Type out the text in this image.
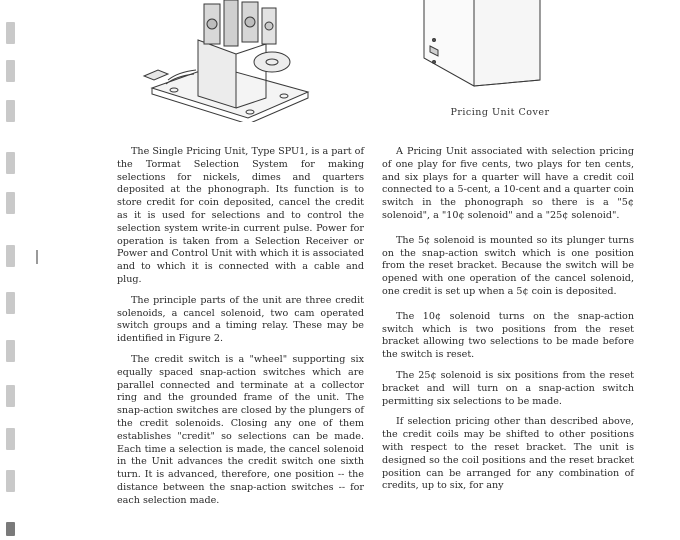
Pricing Unit Cover

The Single Pricing Unit, Type SPU1, is a part of the Tormat Selection System for making selections for nickels, dimes and quarters deposited at the phonograph. Its function is to store credit for coin deposited, cancel the credit as it is used for selections and to control the selection system write-in current pulse. Power for operation is taken from a Selection Receiver or Power and Control Unit with which it is associated and to which it is connected with a cable and plug.

The principle parts of the unit are three credit solenoids, a cancel solenoid, two cam operated switch groups and a timing relay. These may be identified in Figure 2.

The credit switch is a "wheel" supporting six equally spaced snap-action switches which are parallel connected and terminate at a collector ring and the grounded frame of the unit. The snap-action switches are closed by the plungers of the credit solenoids. Closing any one of them establishes "credit" so selections can be made. Each time a selection is made, the cancel solenoid in the Unit advances the credit switch one sixth turn. It is advanced, therefore, one position -- the distance between the snap-action switches -- for each selection made.

A Pricing Unit associated with selection pricing of one play for five cents, two plays for ten cents, and six plays for a quarter will have a credit coil connected to a 5-cent, a 10-cent and a quarter coin switch in the phonograph so there is a "5¢ solenoid", a "10¢ solenoid" and a "25¢ solenoid".

The 5¢ solenoid is mounted so its plunger turns on the snap-action switch which is one position from the reset bracket. Because the switch will be opened with one operation of the cancel solenoid, one credit is set up when a 5¢ coin is deposited.

The 10¢ solenoid turns on the snap-action switch which is two positions from the reset bracket allowing two selections to be made before the switch is reset.

The 25¢ solenoid is six positions from the reset bracket and will turn on a snap-action switch permitting six selections to be made.

If selection pricing other than described above, the credit coils may be shifted to other positions with respect to the reset bracket. The unit is designed so the coil positions and the reset bracket position can be arranged for any combination of credits, up to six, for any
